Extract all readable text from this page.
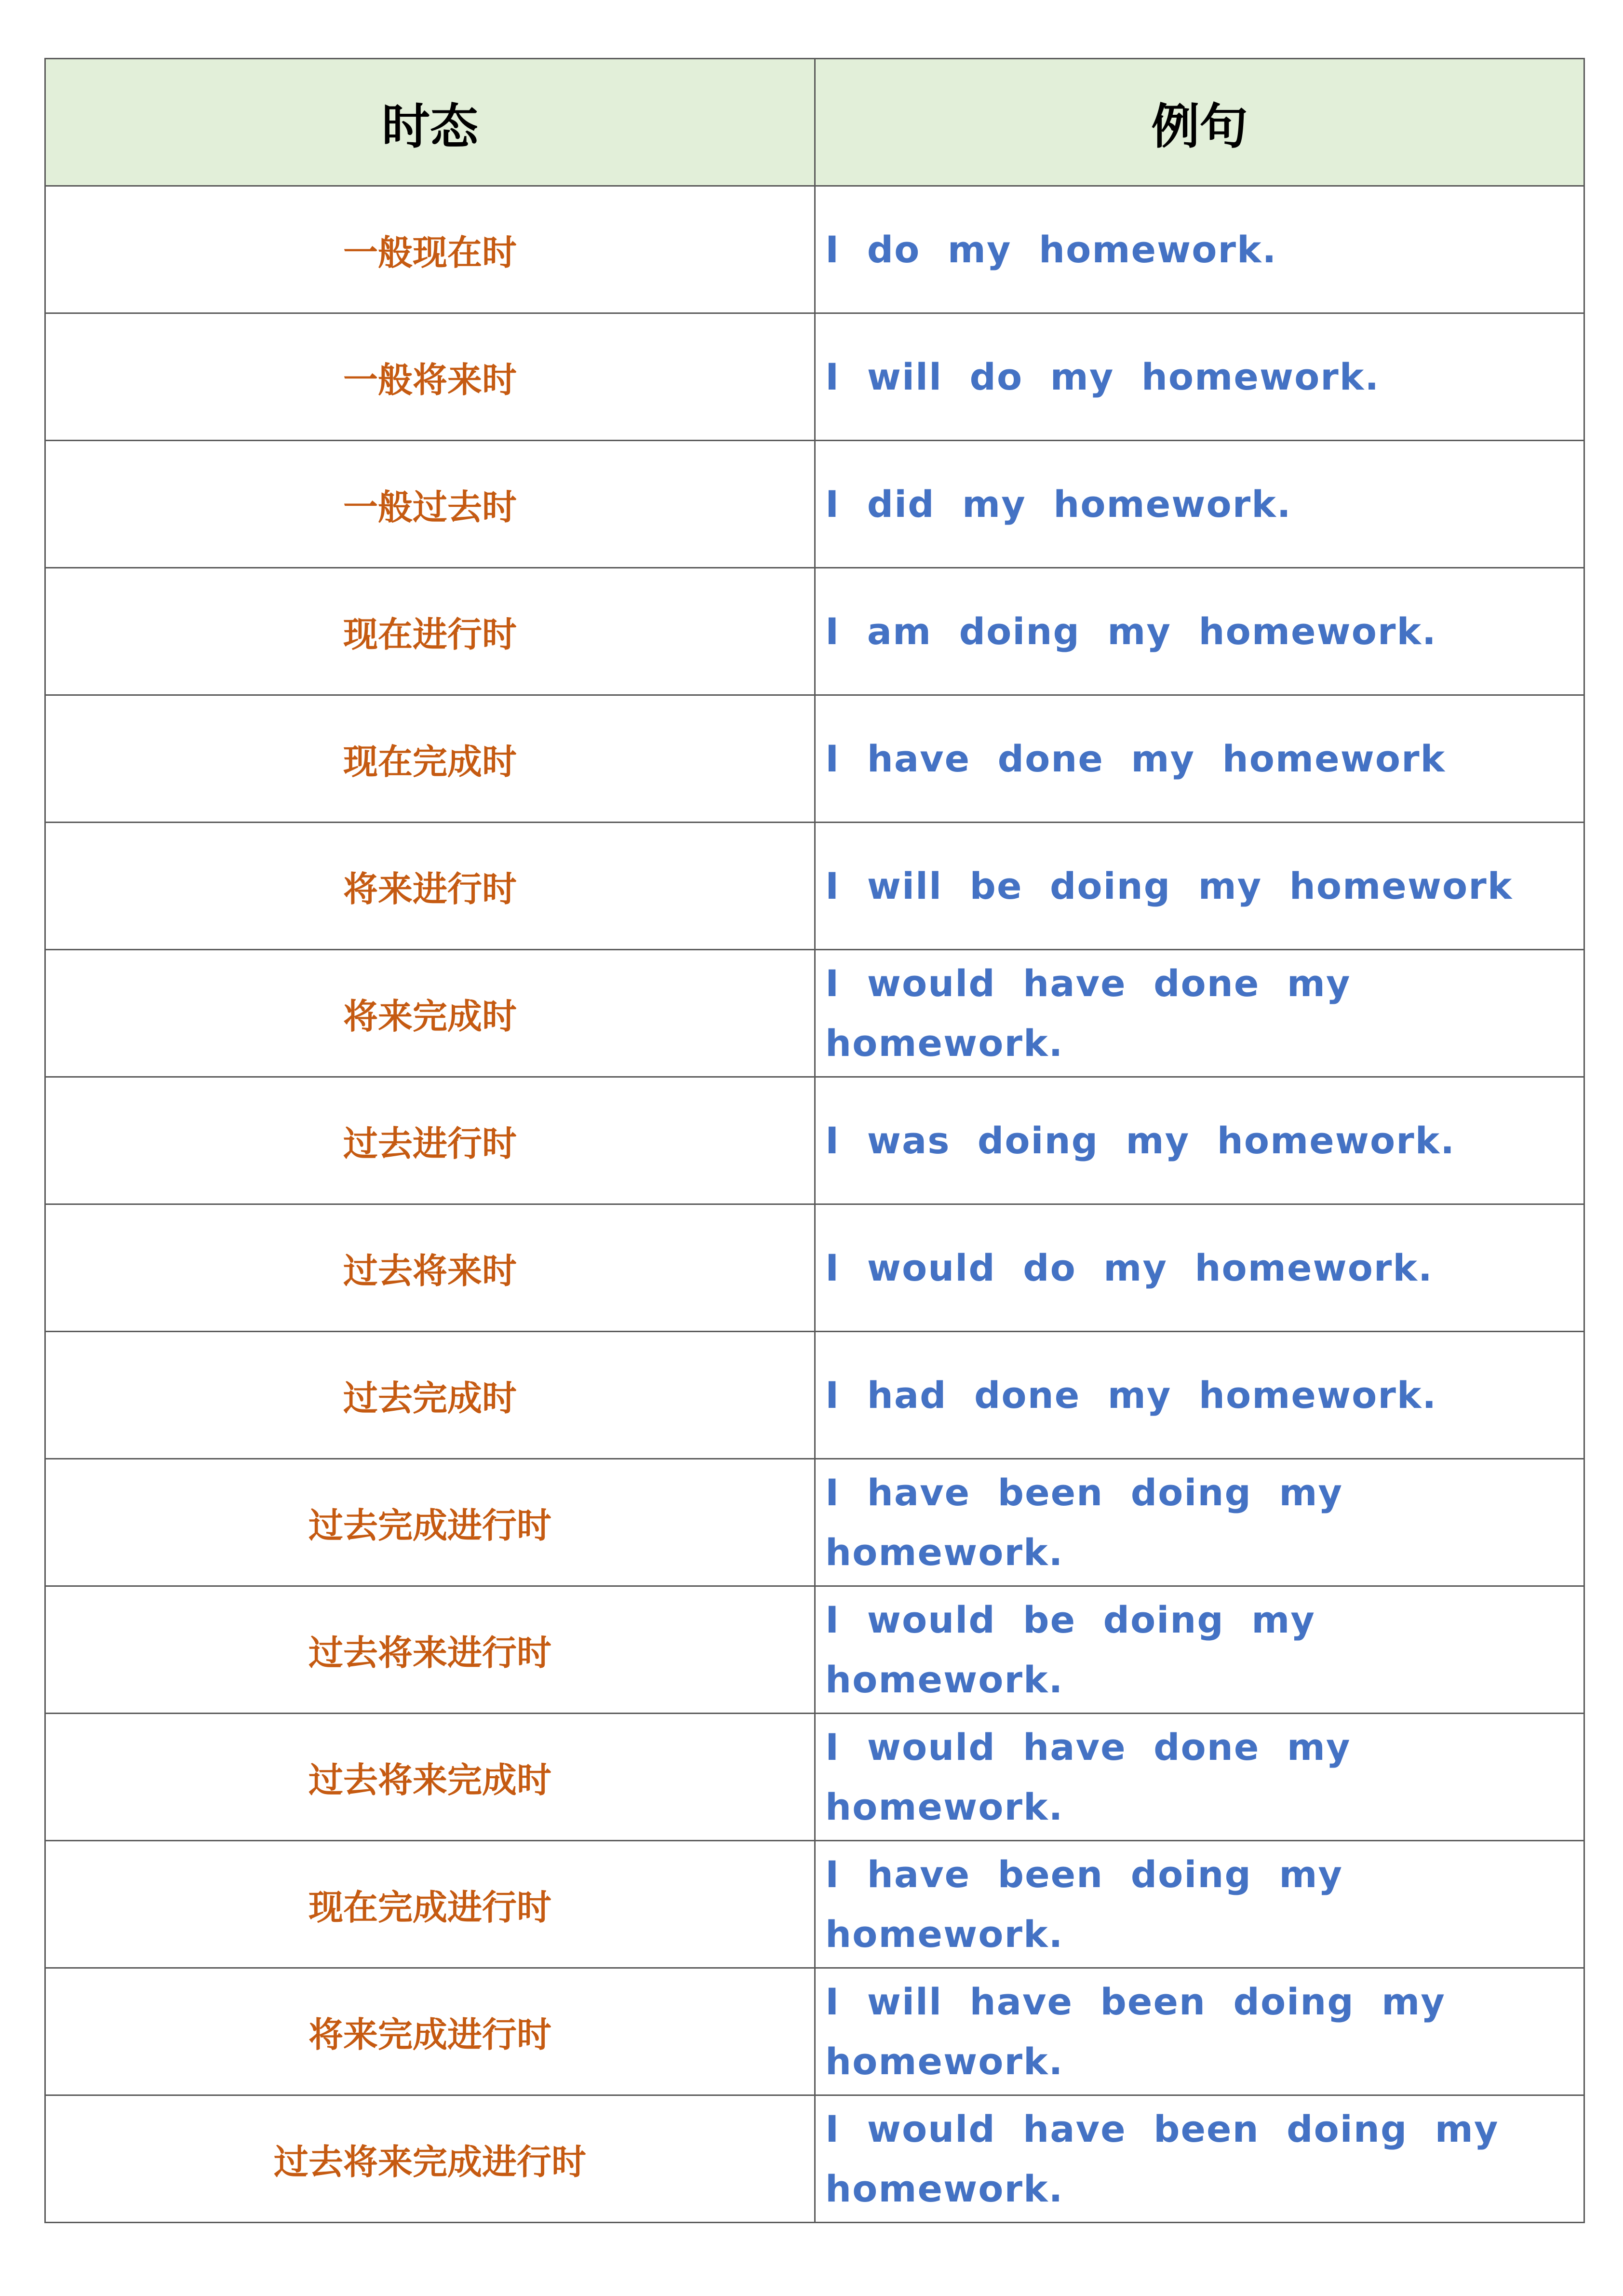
时态	例句
一般现在时	I do my homework.
一般将来时	I will do my homework.
一般过去时	I did my homework.
现在进行时	I am doing my homework.
现在完成时	I have done my homework
将来进行时	I will be doing my homework
将来完成时	I would have done my homework.
过去进行时	I was doing my homework.
过去将来时	I would do my homework.
过去完成时	I had done my homework.
过去完成进行时	I have been doing my homework.
过去将来进行时	I would be doing my homework.
过去将来完成时	I would have done my homework.
现在完成进行时	I have been doing my homework.
将来完成进行时	I will have been doing my homework.
过去将来完成进行时	I would have been doing my homework.
